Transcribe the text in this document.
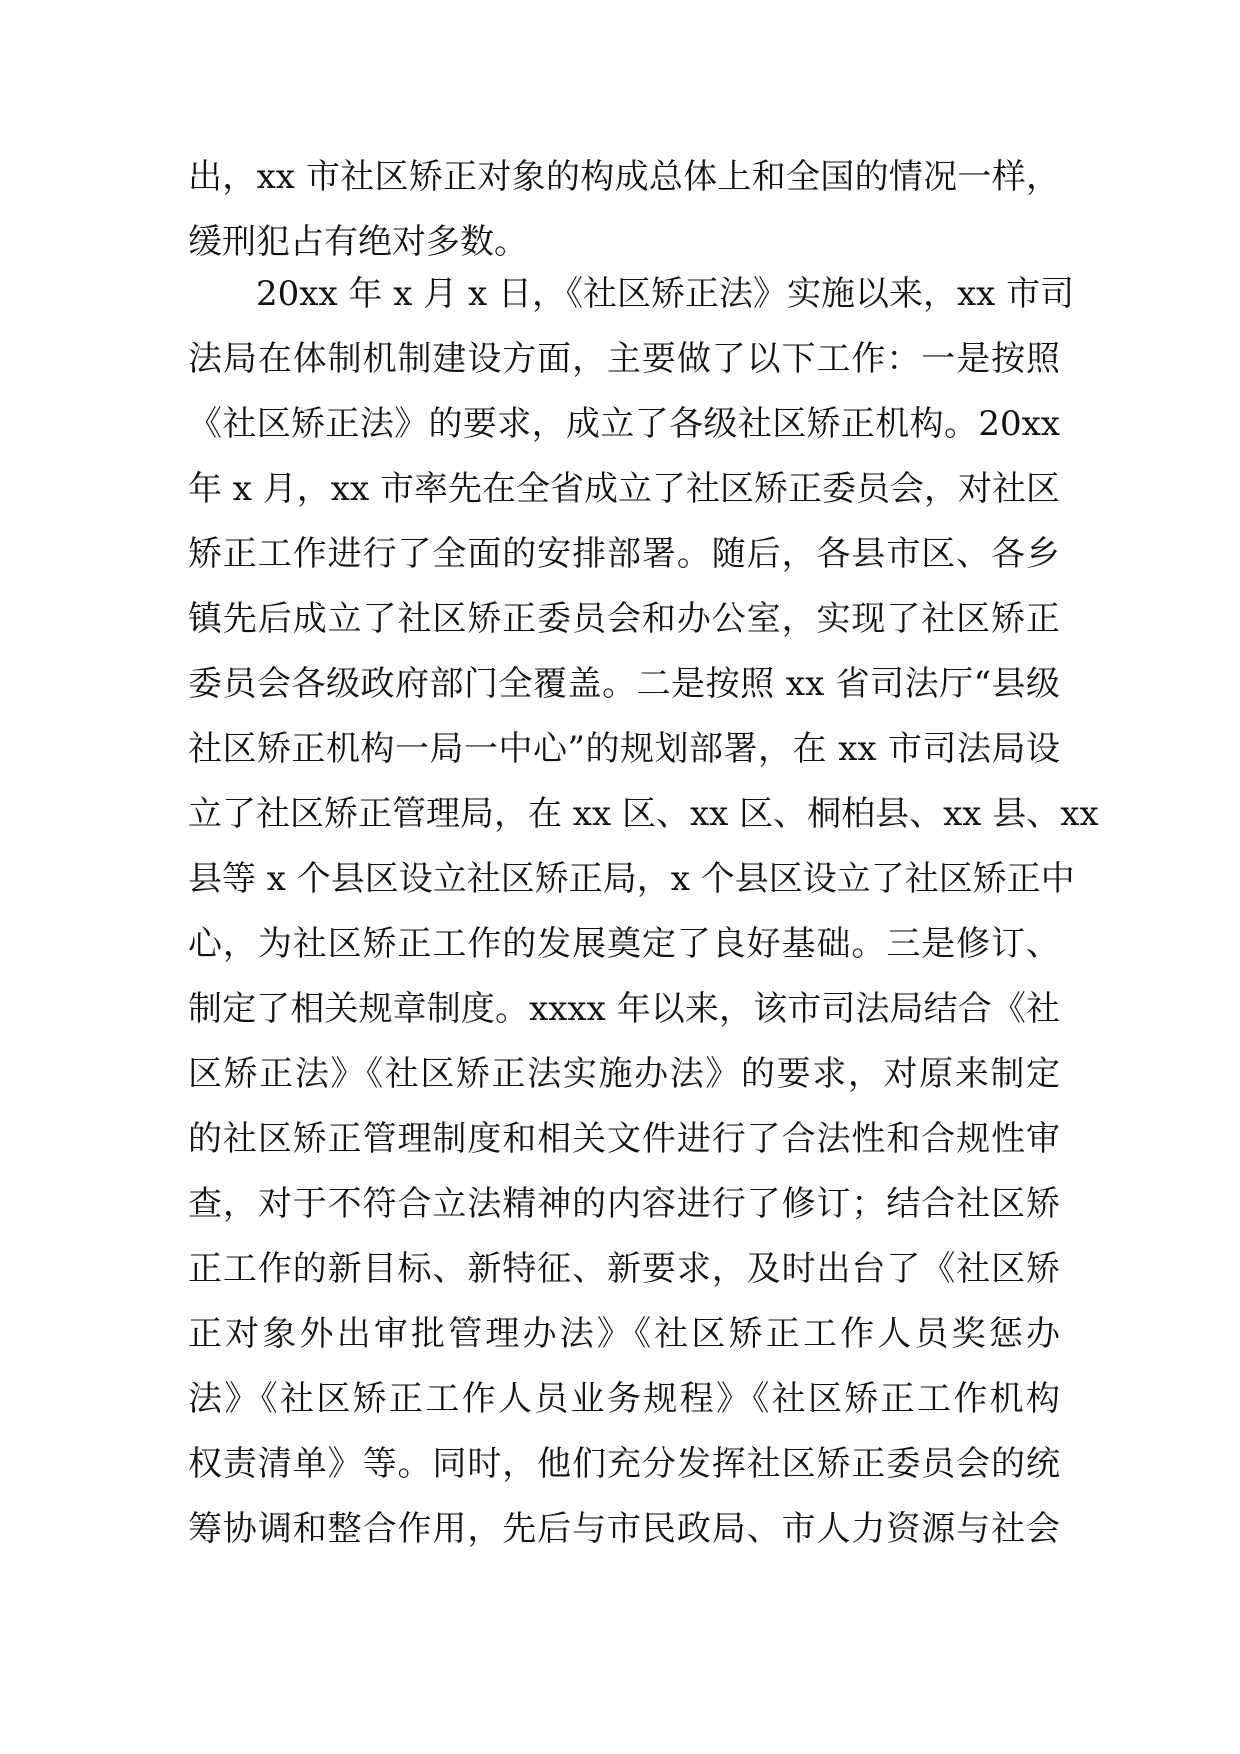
出，xx 市社区矫正对象的构成总体上和全国的情况一样，
缓刑犯占有绝对多数。
20xx 年 x 月 x 日，《社区矫正法》实施以来，xx 市司
法局在体制机制建设方面，主要做了以下工作：一是按照
《社区矫正法》的要求，成立了各级社区矫正机构。20xx
年 x 月，xx 市率先在全省成立了社区矫正委员会，对社区
矫正工作进行了全面的安排部署。随后，各县市区、各乡
镇先后成立了社区矫正委员会和办公室，实现了社区矫正
委员会各级政府部门全覆盖。二是按照 xx 省司法厅“县级
社区矫正机构一局一中心”的规划部署，在 xx 市司法局设
立了社区矫正管理局，在 xx 区、xx 区、桐柏县、xx 县、xx
县等 x 个县区设立社区矫正局，x 个县区设立了社区矫正中
心，为社区矫正工作的发展奠定了良好基础。三是修订、
制定了相关规章制度。xxxx 年以来，该市司法局结合《社
区矫正法》《社区矫正法实施办法》的要求，对原来制定
的社区矫正管理制度和相关文件进行了合法性和合规性审
查，对于不符合立法精神的内容进行了修订；结合社区矫
正工作的新目标、新特征、新要求，及时出台了《社区矫
正对象外出审批管理办法》《社区矫正工作人员奖惩办
法》《社区矫正工作人员业务规程》《社区矫正工作机构
权责清单》等。同时，他们充分发挥社区矫正委员会的统
筹协调和整合作用，先后与市民政局、市人力资源与社会
